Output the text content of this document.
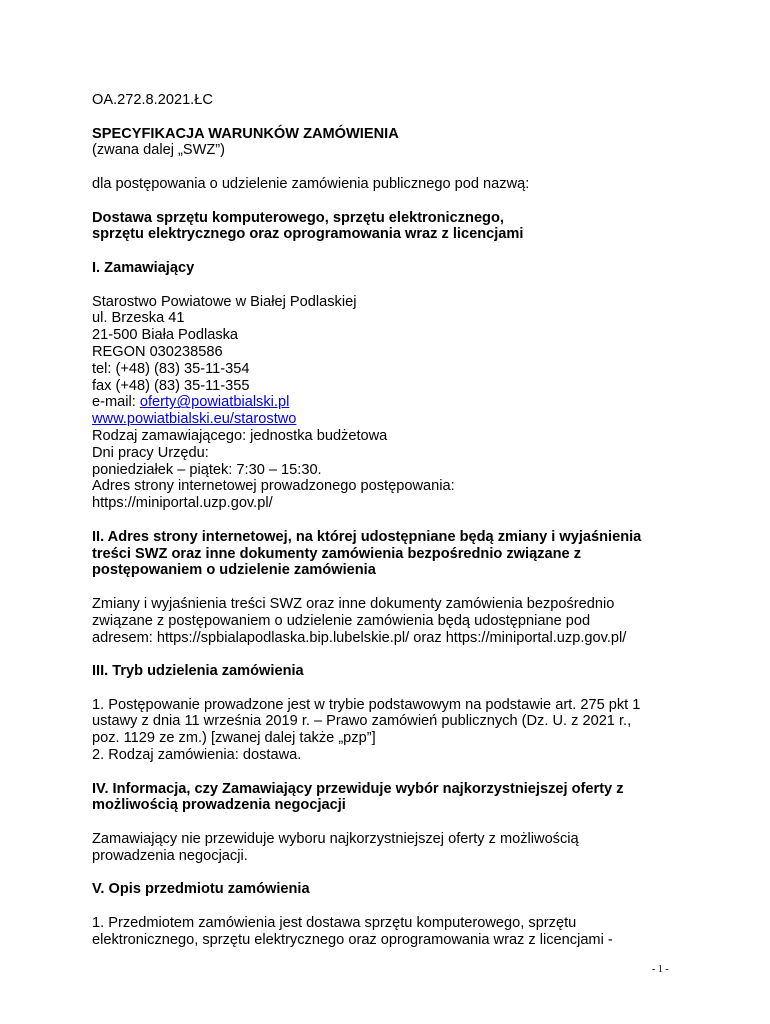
OA.272.8.2021.ŁC

SPECYFIKACJA WARUNKÓW ZAMÓWIENIA

(zwana dalej „SWZ”)

dla postępowania o udzielenie zamówienia publicznego pod nazwą:

Dostawa sprzętu komputerowego, sprzętu elektronicznego,

sprzętu elektrycznego oraz oprogramowania wraz z licencjami

I. Zamawiający

Starostwo Powiatowe w Białej Podlaskiej

ul. Brzeska 41

21-500 Biała Podlaska

REGON 030238586

tel: (+48) (83) 35-11-354

fax (+48) (83) 35-11-355

e-mail: oferty@powiatbialski.pl

www.powiatbialski.eu/starostwo

Rodzaj zamawiającego: jednostka budżetowa

Dni pracy Urzędu:

poniedziałek – piątek: 7:30 – 15:30.

Adres strony internetowej prowadzonego postępowania:

https://miniportal.uzp.gov.pl/

II. Adres strony internetowej, na której udostępniane będą zmiany i wyjaśnienia

treści SWZ oraz inne dokumenty zamówienia bezpośrednio związane z

postępowaniem o udzielenie zamówienia

Zmiany i wyjaśnienia treści SWZ oraz inne dokumenty zamówienia bezpośrednio

związane z postępowaniem o udzielenie zamówienia będą udostępniane pod

adresem: https://spbialapodlaska.bip.lubelskie.pl/ oraz https://miniportal.uzp.gov.pl/

III. Tryb udzielenia zamówienia

1. Postępowanie prowadzone jest w trybie podstawowym na podstawie art. 275 pkt 1

ustawy z dnia 11 września 2019 r. – Prawo zamówień publicznych (Dz. U. z 2021 r.,

poz. 1129 ze zm.) [zwanej dalej także „pzp”]

2. Rodzaj zamówienia: dostawa.

IV. Informacja, czy Zamawiający przewiduje wybór najkorzystniejszej oferty z

możliwością prowadzenia negocjacji

Zamawiający nie przewiduje wyboru najkorzystniejszej oferty z możliwością

prowadzenia negocjacji.

V. Opis przedmiotu zamówienia

1. Przedmiotem zamówienia jest dostawa sprzętu komputerowego, sprzętu

elektronicznego, sprzętu elektrycznego oraz oprogramowania wraz z licencjami -

- 1 -
